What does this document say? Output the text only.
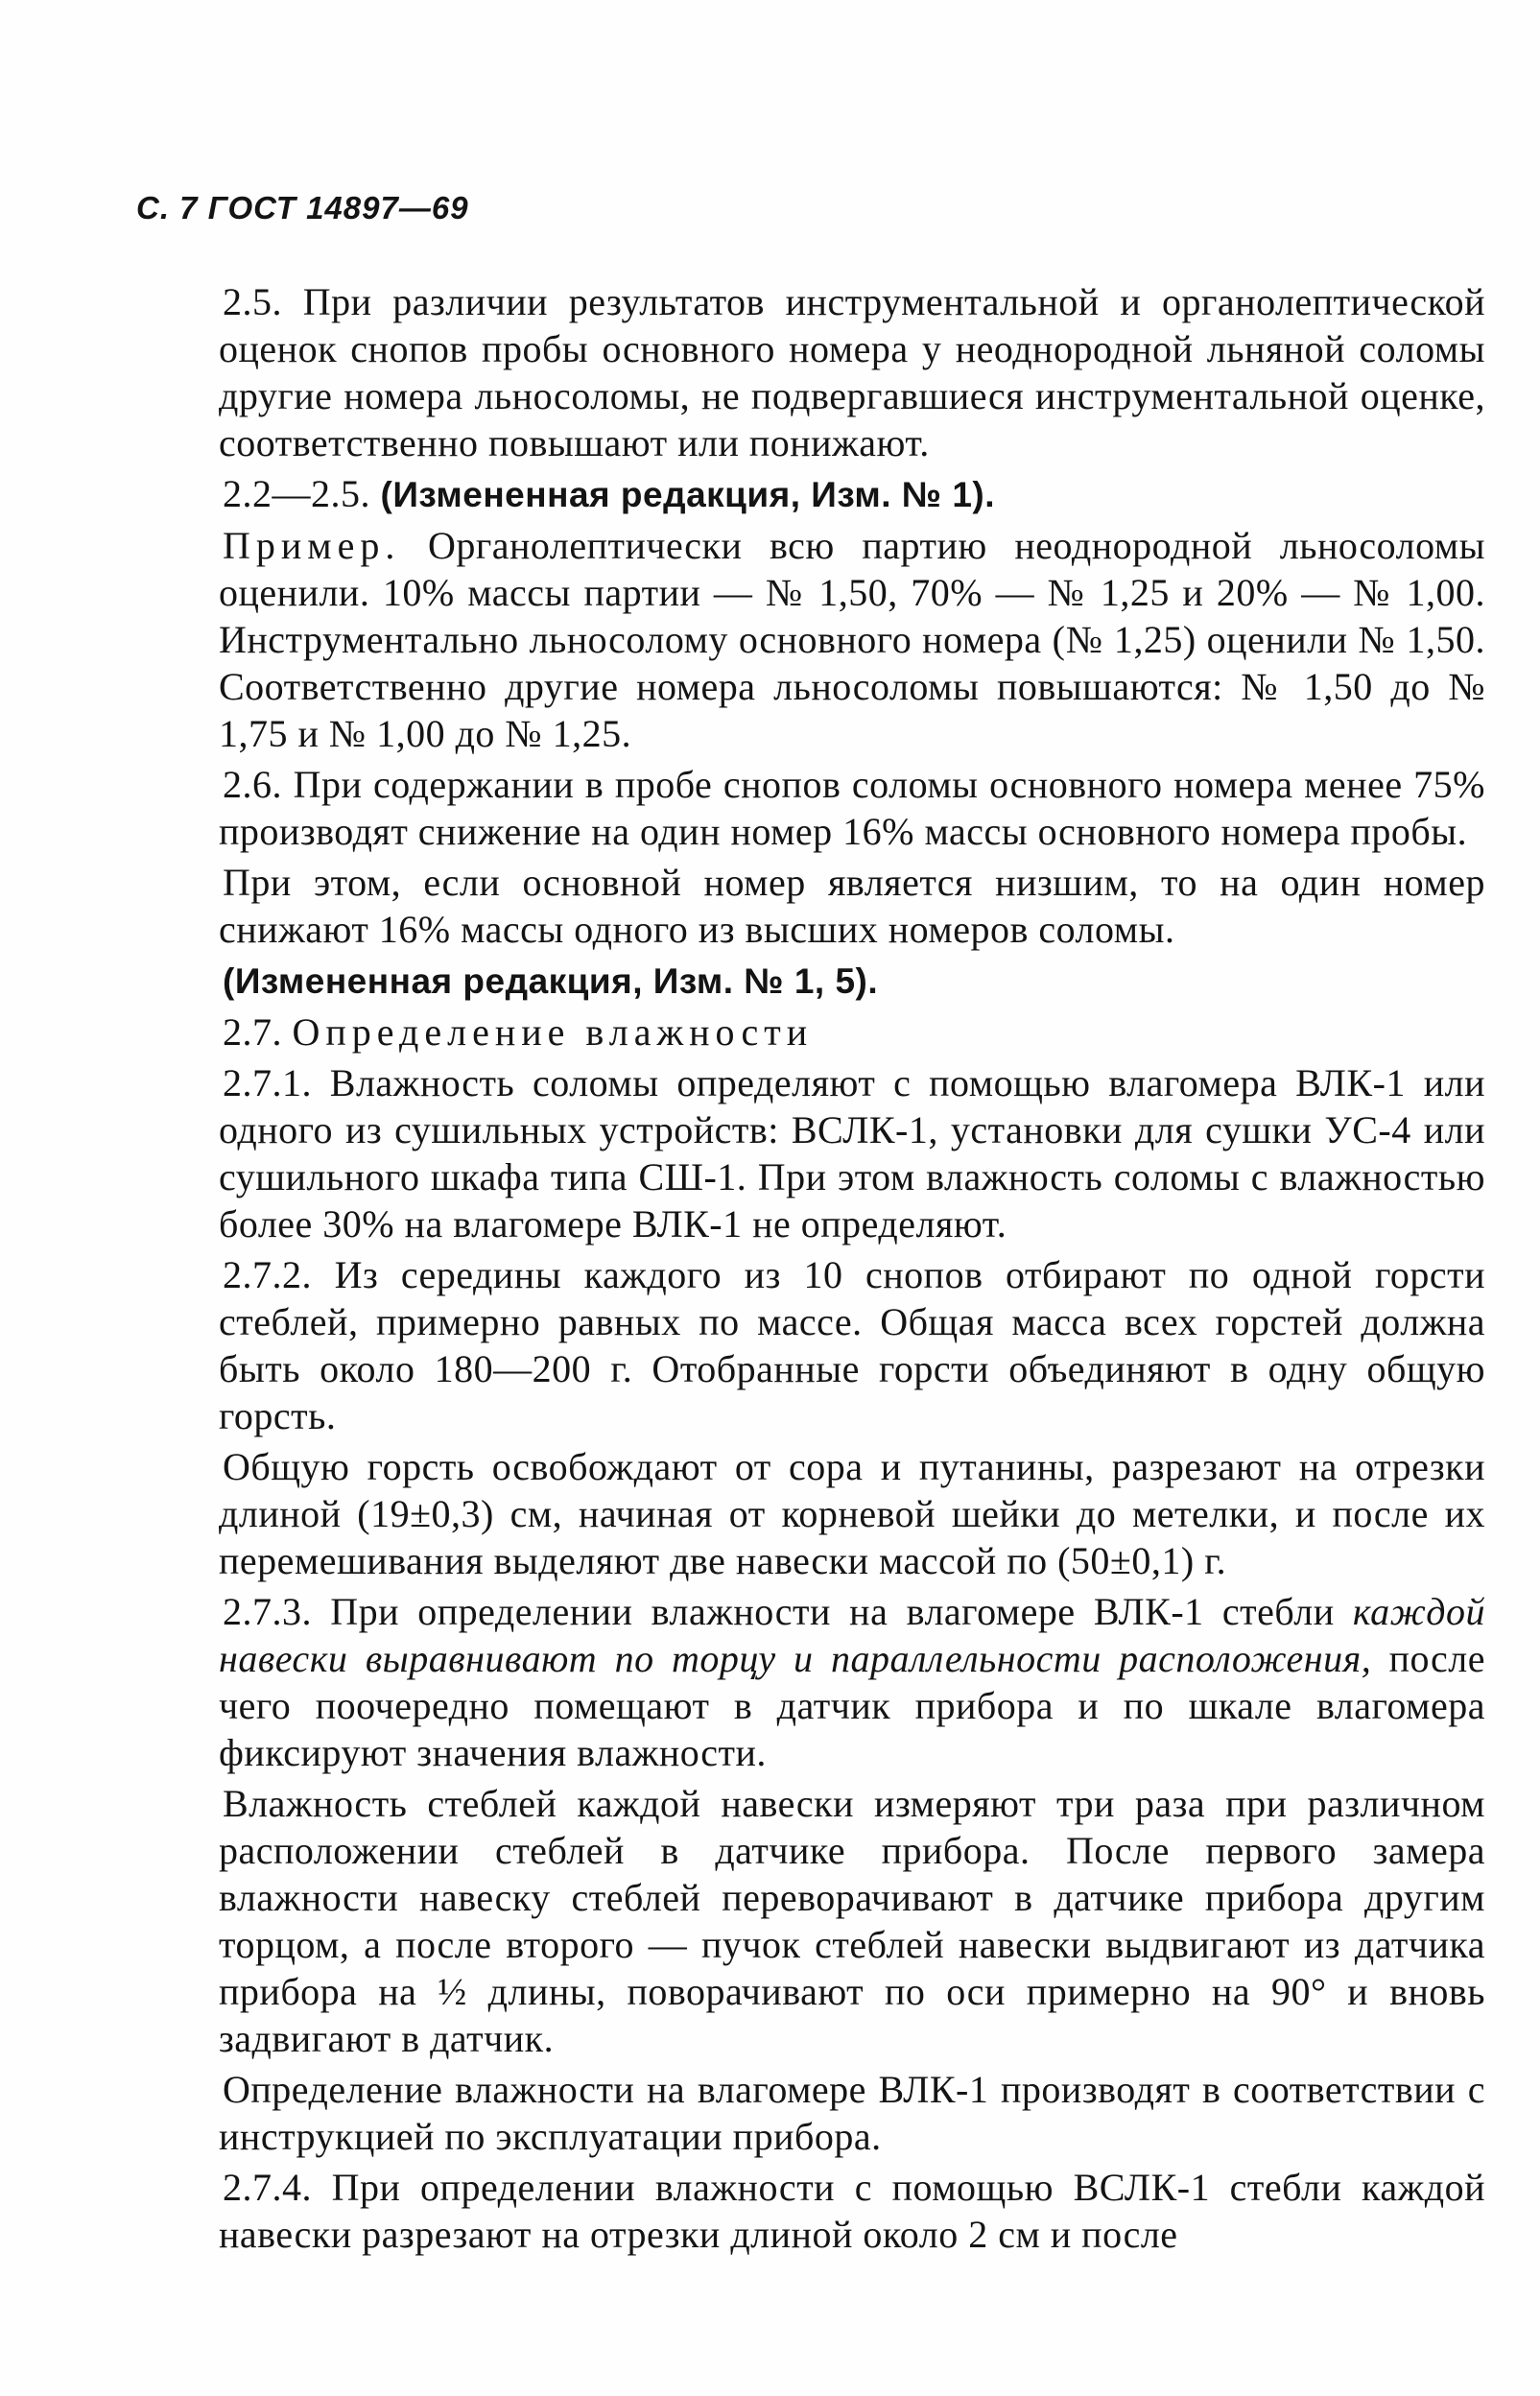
С. 7 ГОСТ 14897—69

2.5. При различии результатов инструментальной и органолептической оценок снопов пробы основного номера у неоднородной льняной соломы другие номера льносоломы, не подвергавшиеся инструментальной оценке, соответственно повышают или понижают.

2.2—2.5. (Измененная редакция, Изм. № 1).

Пример. Органолептически всю партию неоднородной льносоломы оценили. 10% массы партии — № 1,50, 70% — № 1,25 и 20% — № 1,00. Инструментально льносолому основного номера (№ 1,25) оценили № 1,50. Соответственно другие номера льносоломы повышаются: № 1,50 до № 1,75 и № 1,00 до № 1,25.

2.6. При содержании в пробе снопов соломы основного номера менее 75% производят снижение на один номер 16% массы основного номера пробы.

При этом, если основной номер является низшим, то на один номер снижают 16% массы одного из высших номеров соломы.

(Измененная редакция, Изм. № 1, 5).

2.7. Определение влажности

2.7.1. Влажность соломы определяют с помощью влагомера ВЛК-1 или одного из сушильных устройств: ВСЛК-1, установки для сушки УС-4 или сушильного шкафа типа СШ-1. При этом влажность соломы с влажностью более 30% на влагомере ВЛК-1 не определяют.

2.7.2. Из середины каждого из 10 снопов отбирают по одной горсти стеблей, примерно равных по массе. Общая масса всех горстей должна быть около 180—200 г. Отобранные горсти объединяют в одну общую горсть.

Общую горсть освобождают от сора и путанины, разрезают на отрезки длиной (19±0,3) см, начиная от корневой шейки до метелки, и после их перемешивания выделяют две навески массой по (50±0,1) г.

2.7.3. При определении влажности на влагомере ВЛК-1 стебли каждой навески выравнивают по торцу и параллельности расположения, после чего поочередно помещают в датчик прибора и по шкале влагомера фиксируют значения влажности.

Влажность стеблей каждой навески измеряют три раза при различном расположении стеблей в датчике прибора. После первого замера влажности навеску стеблей переворачивают в датчике прибора другим торцом, а после второго — пучок стеблей навески выдвигают из датчика прибора на ½ длины, поворачивают по оси примерно на 90° и вновь задвигают в датчик.

Определение влажности на влагомере ВЛК-1 производят в соответствии с инструкцией по эксплуатации прибора.

2.7.4. При определении влажности с помощью ВСЛК-1 стебли каждой навески разрезают на отрезки длиной около 2 см и после
